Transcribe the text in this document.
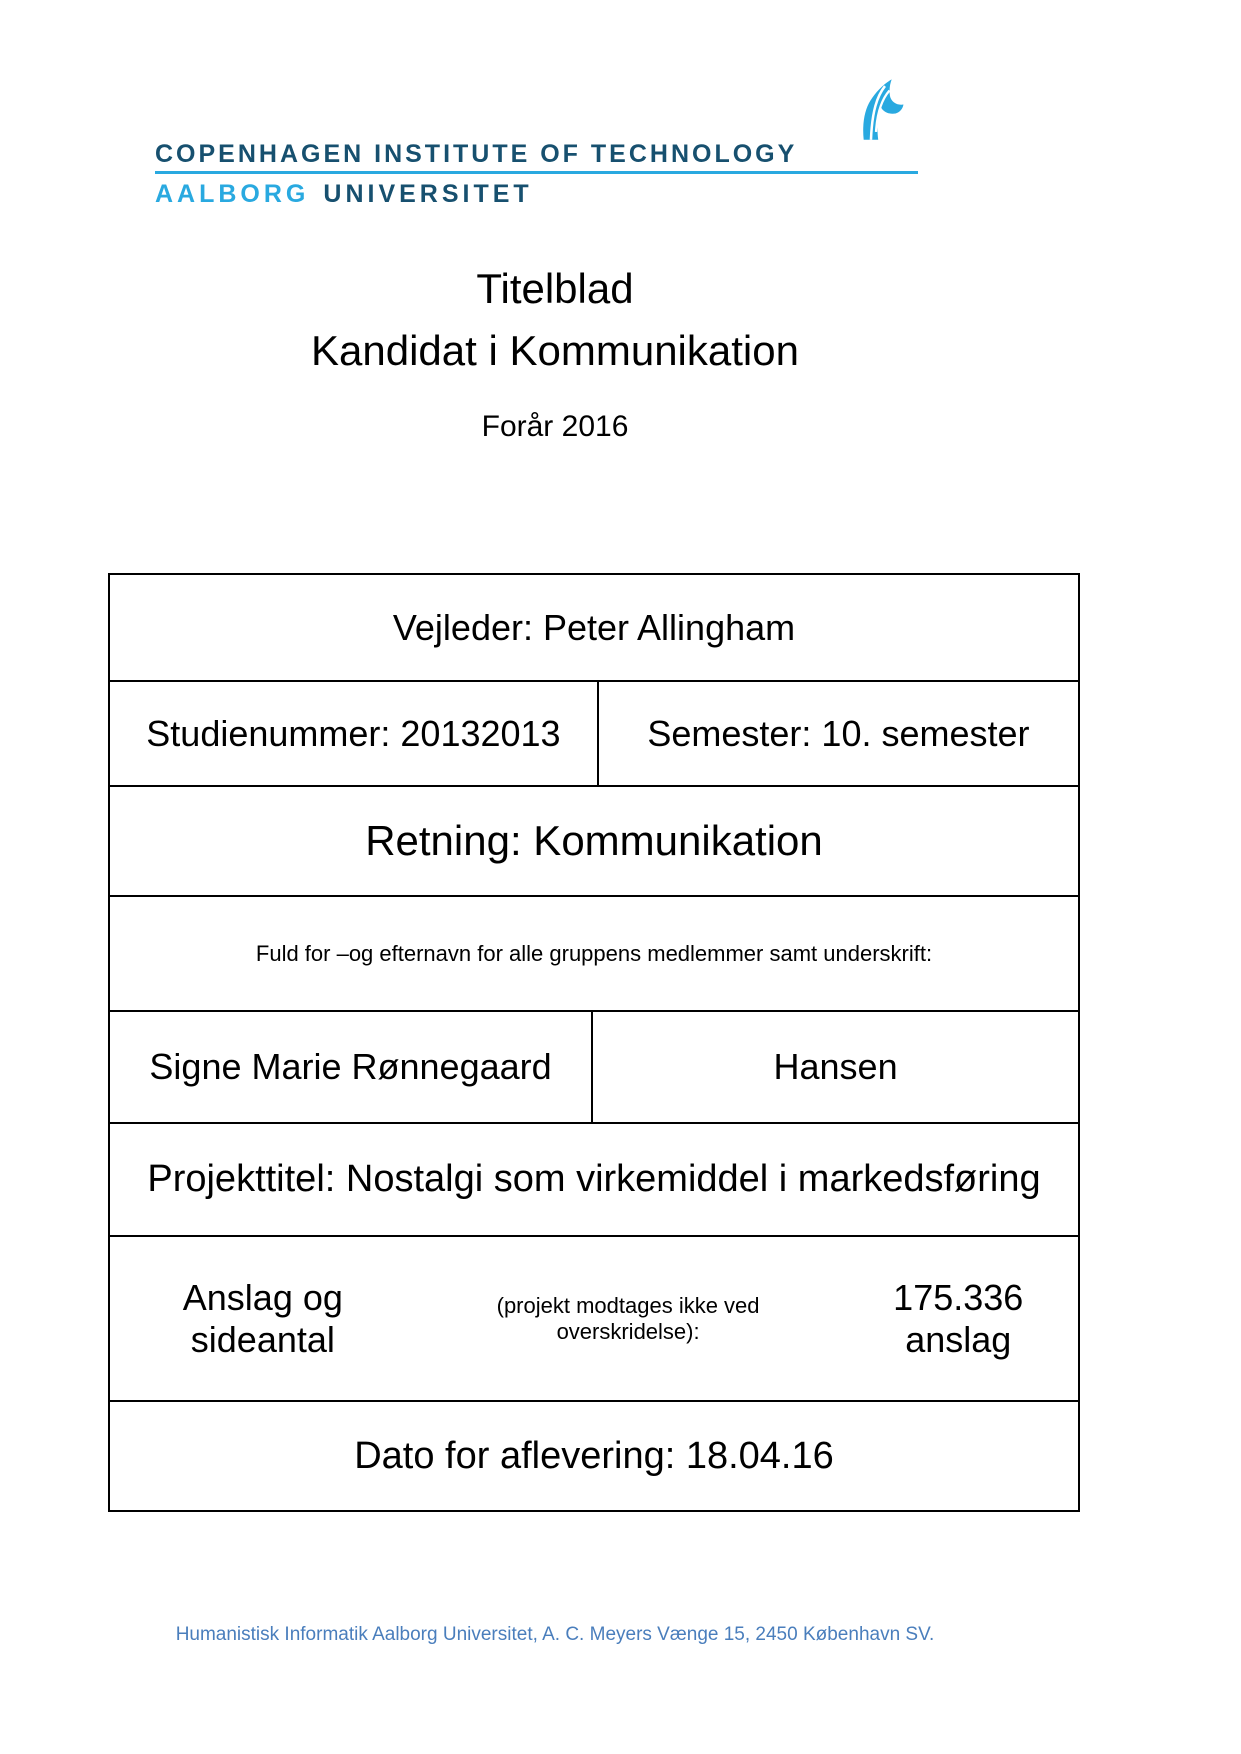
COPENHAGEN INSTITUTE OF TECHNOLOGY
AALBORG UNIVERSITET
Titelblad
Kandidat i Kommunikation
Forår 2016
Vejleder: Peter Allingham
Studienummer: 20132013 Semester: 10. semester
Retning: Kommunikation
Fuld for –og efternavn for alle gruppens medlemmer samt underskrift:
Signe Marie Rønnegaard	Hansen
Projekttitel: Nostalgi som virkemiddel i markedsføring
Anslag og sideantal
(projekt modtages ikke ved overskridelse):
175.336 anslag
Dato for aflevering: 18.04.16
Humanistisk Informatik Aalborg Universitet, A. C. Meyers Vænge 15, 2450 København SV.
